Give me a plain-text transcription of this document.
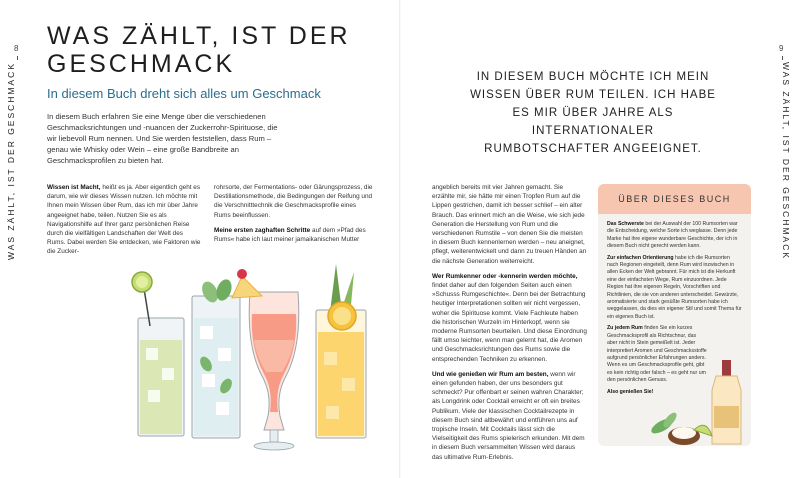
8
WAS ZÄHLT, IST DER GESCHMACK
WAS ZÄHLT, IST DER GESCHMACK
In diesem Buch dreht sich alles um Geschmack
In diesem Buch erfahren Sie eine Menge über die verschiedenen Geschmacksrichtungen und -nuancen der Zuckerrohr-Spirituose, die wir liebevoll Rum nennen. Und Sie werden feststellen, dass Rum – genau wie Whisky oder Wein – eine große Bandbreite an Geschmacksprofilen zu bieten hat.

Wissen ist Macht, heißt es ja. Aber eigentlich geht es darum, wie wir dieses Wissen nutzen. Ich möchte mit Ihnen mein Wissen über Rum, das ich mir über Jahre angeeignet habe, teilen. Nutzen Sie es als Navigationshilfe auf Ihrer ganz persönlichen Reise durch die vielfältigen Landschaften der Welt des Rums. Dabei werden Sie entdecken, wie Faktoren wie die Zucker-

rohrsorte, der Fermentations- oder Gärungsprozess, die Destillationsmethode, die Bedingungen der Reifung und die Verschnitttechnik die Geschmacksprofile eines Rums beeinflussen.

Meine ersten zaghaften Schritte auf dem »Pfad des Rums« habe ich laut meiner jamaikanischen Mutter

9
WAS ZÄHLT, IST DER GESCHMACK
IN DIESEM BUCH MÖCHTE ICH MEIN WISSEN ÜBER RUM TEILEN. ICH HABE ES MIR ÜBER JAHRE ALS INTERNATIONALER RUMBOTSCHAFTER ANGEEIGNET.

angeblich bereits mit vier Jahren gemacht. Sie erzählte mir, sie hätte mir einen Tropfen Rum auf die Lippen gestrichen, damit ich besser schlief – ein alter Brauch. Das erinnert mich an die Weise, wie sich jede Generation die Herstellung von Rum und die verschiedenen Rumstile – von denen Sie die meisten in diesem Buch kennenlernen werden – neu aneignet, pflegt, weiterentwickelt und dann zu treuen Händen an die nächste Generation weiterreicht.

Wer Rumkenner oder -kennerin werden möchte, findet daher auf den folgenden Seiten auch einen »Schusss Rumgeschichte«. Denn bei der Betrachtung heutiger Interpretationen sollten wir nicht vergessen, woher die Spirituose kommt. Viele Fachleute haben die historischen Wurzeln im Hinterkopf, wenn sie moderne Rumsorten beurteilen. Und diese Einordnung fällt umso leichter, wenn man gelernt hat, die Aromen und Geschmacksrichtungen des Rums sowie die entsprechenden Techniken zu erkennen.

Und wie genießen wir Rum am besten, wenn wir einen gefunden haben, der uns besonders gut schmeckt? Pur offenbart er seinen wahren Charakter; als Longdrink oder Cocktail erreicht er oft ein breites Publikum. Viele der klassischen Cocktailrezepte in diesem Buch sind altbewährt und entführen uns auf tropische Inseln. Mit Cocktails lässt sich die Vielseitigkeit des Rums spielerisch erkunden. Mit dem in diesem Buch versammelten Wissen wird daraus das ultimative Rum-Erlebnis.

ÜBER DIESES BUCH

Das Schwerste bei der Auswahl der 100 Rumsorten war die Entscheidung, welche Sorte ich weglasse. Denn jede Marke hat ihre eigene wunderbare Geschichte, der ich in diesem Buch nicht gerecht werden kann.

Zur einfachen Orientierung habe ich die Rumsorten nach Regionen eingeteilt, denn Rum wird inzwischen in allen Ecken der Welt gebrannt. Für mich ist die Herkunft eine der einfachsten Wege, Rum einzuordnen. Jede Region hat ihre eigenen Regeln, Vorschriften und Richtlinien, die sie von anderen unterscheidet. Gewürzte, aromatisierte und stark gesüßte Rumsorten habe ich weggelassen, da dies ein eigener Stil und somit Thema für ein eigenes Buch ist.

Zu jedem Rum finden Sie ein kurzes Geschmacksprofil als Richtschnur, das aber nicht in Stein gemeißelt ist. Jeder interpretiert Aromen und Geschmacksstoffe aufgrund persönlicher Erfahrungen anders. Wenn es um Geschmacksprofile geht, gibt es kein richtig oder falsch – es geht nur um den persönlichen Genuss.

Also genießen Sie!
